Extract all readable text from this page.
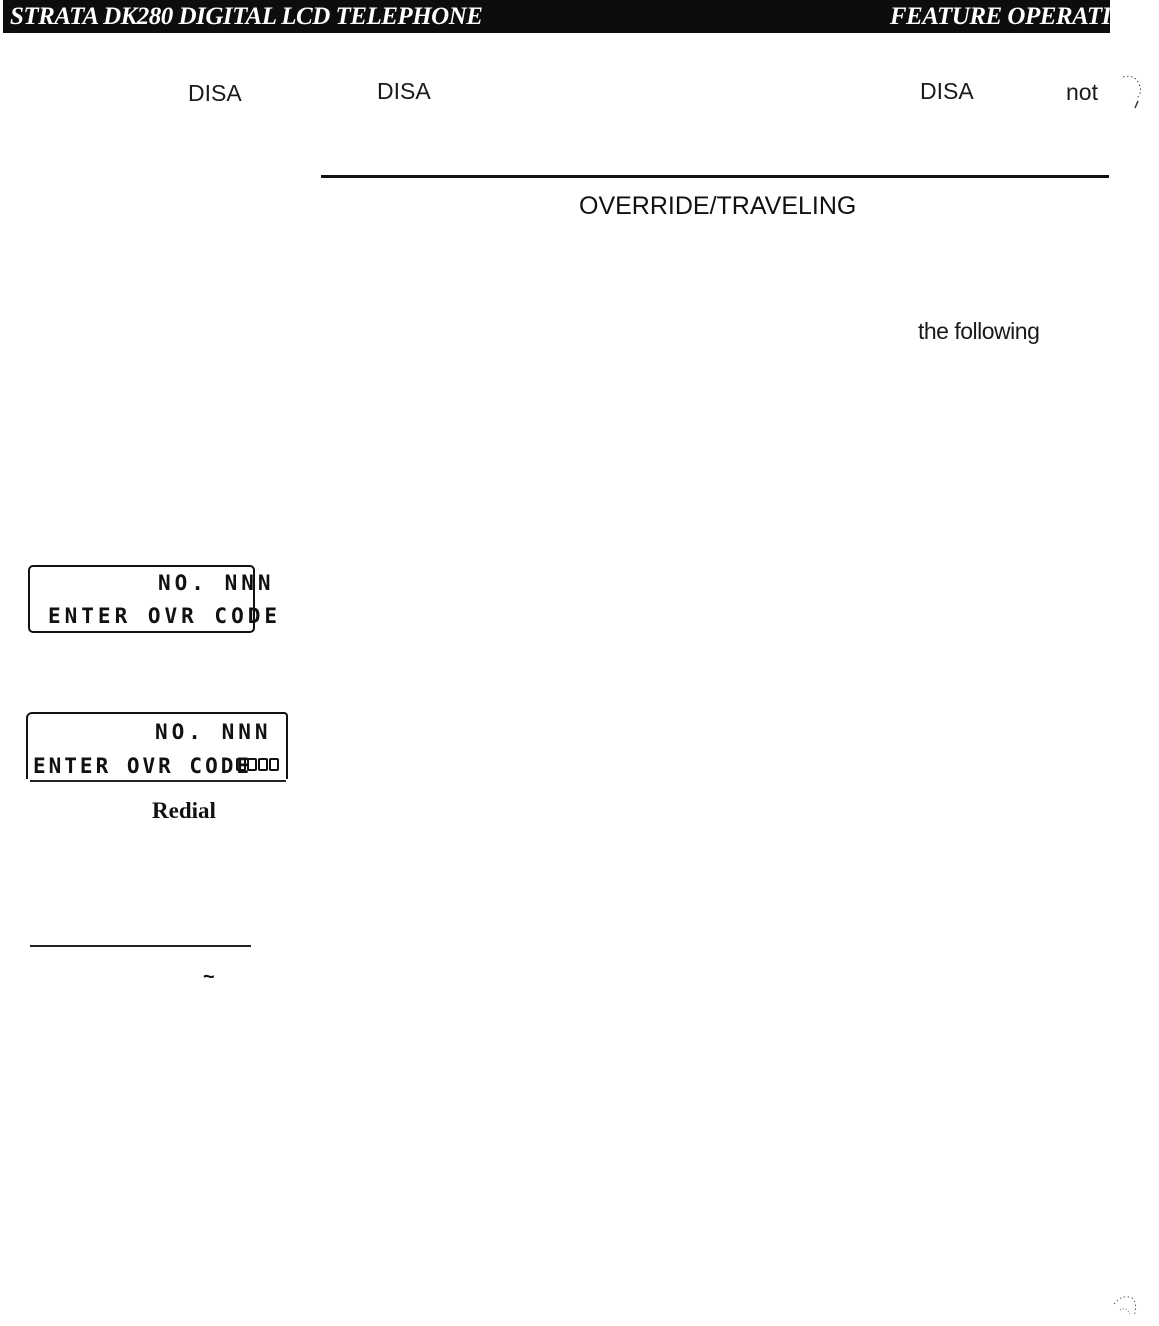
STRATA DK280 DIGITAL LCD TELEPHONE	FEATURE OPERATION
DISA	DISA	DISA	not
OVERRIDE/TRAVELING
the following
NO. NNN
ENTER OVR CODE
NO. NNN
ENTER OVR CODE
Redial
~
